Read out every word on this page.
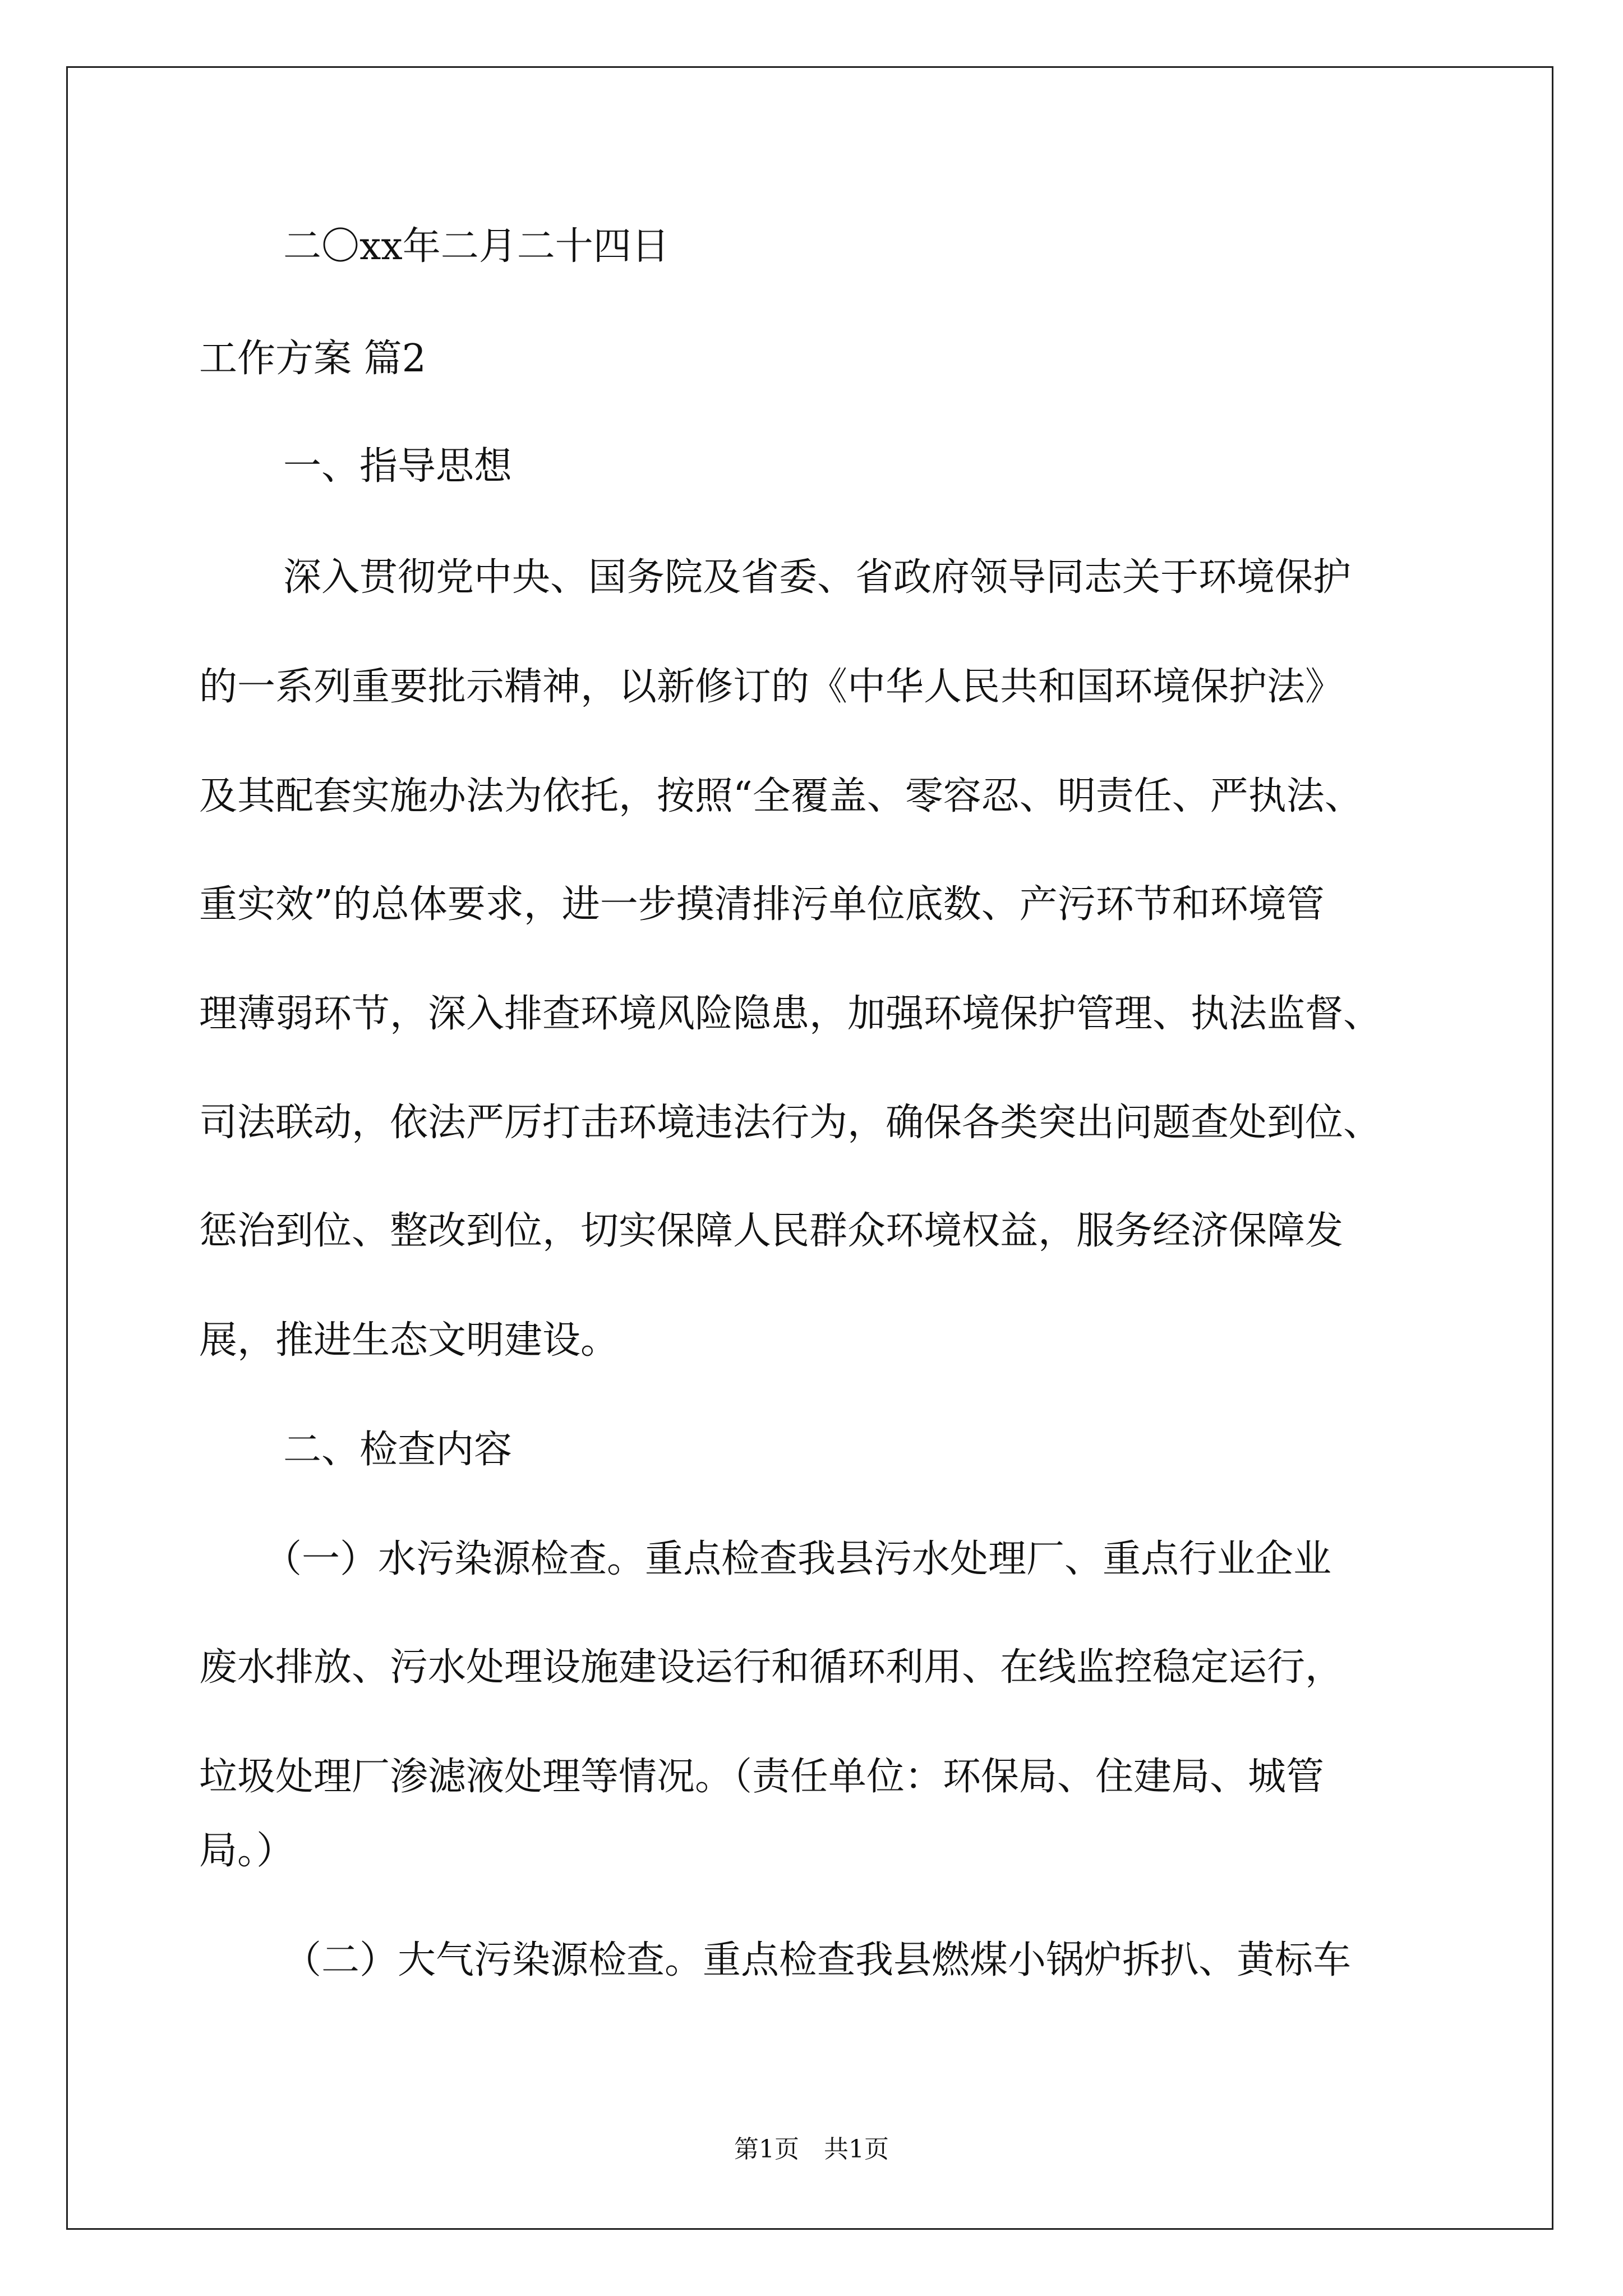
二〇xx年二月二十四日

工作方案 篇2

一、指导思想

深入贯彻党中央、国务院及省委、省政府领导同志关于环境保护

的一系列重要批示精神，以新修订的《中华人民共和国环境保护法》

及其配套实施办法为依托，按照“全覆盖、零容忍、明责任、严执法、

重实效”的总体要求，进一步摸清排污单位底数、产污环节和环境管

理薄弱环节，深入排查环境风险隐患，加强环境保护管理、执法监督、

司法联动，依法严厉打击环境违法行为，确保各类突出问题查处到位、

惩治到位、整改到位，切实保障人民群众环境权益，服务经济保障发

展，推进生态文明建设。

二、检查内容

（一）水污染源检查。重点检查我县污水处理厂、重点行业企业

废水排放、污水处理设施建设运行和循环利用、在线监控稳定运行，

垃圾处理厂渗滤液处理等情况。（责任单位：环保局、住建局、城管

局。）

（二）大气污染源检查。重点检查我县燃煤小锅炉拆扒、黄标车

第1页　共1页
